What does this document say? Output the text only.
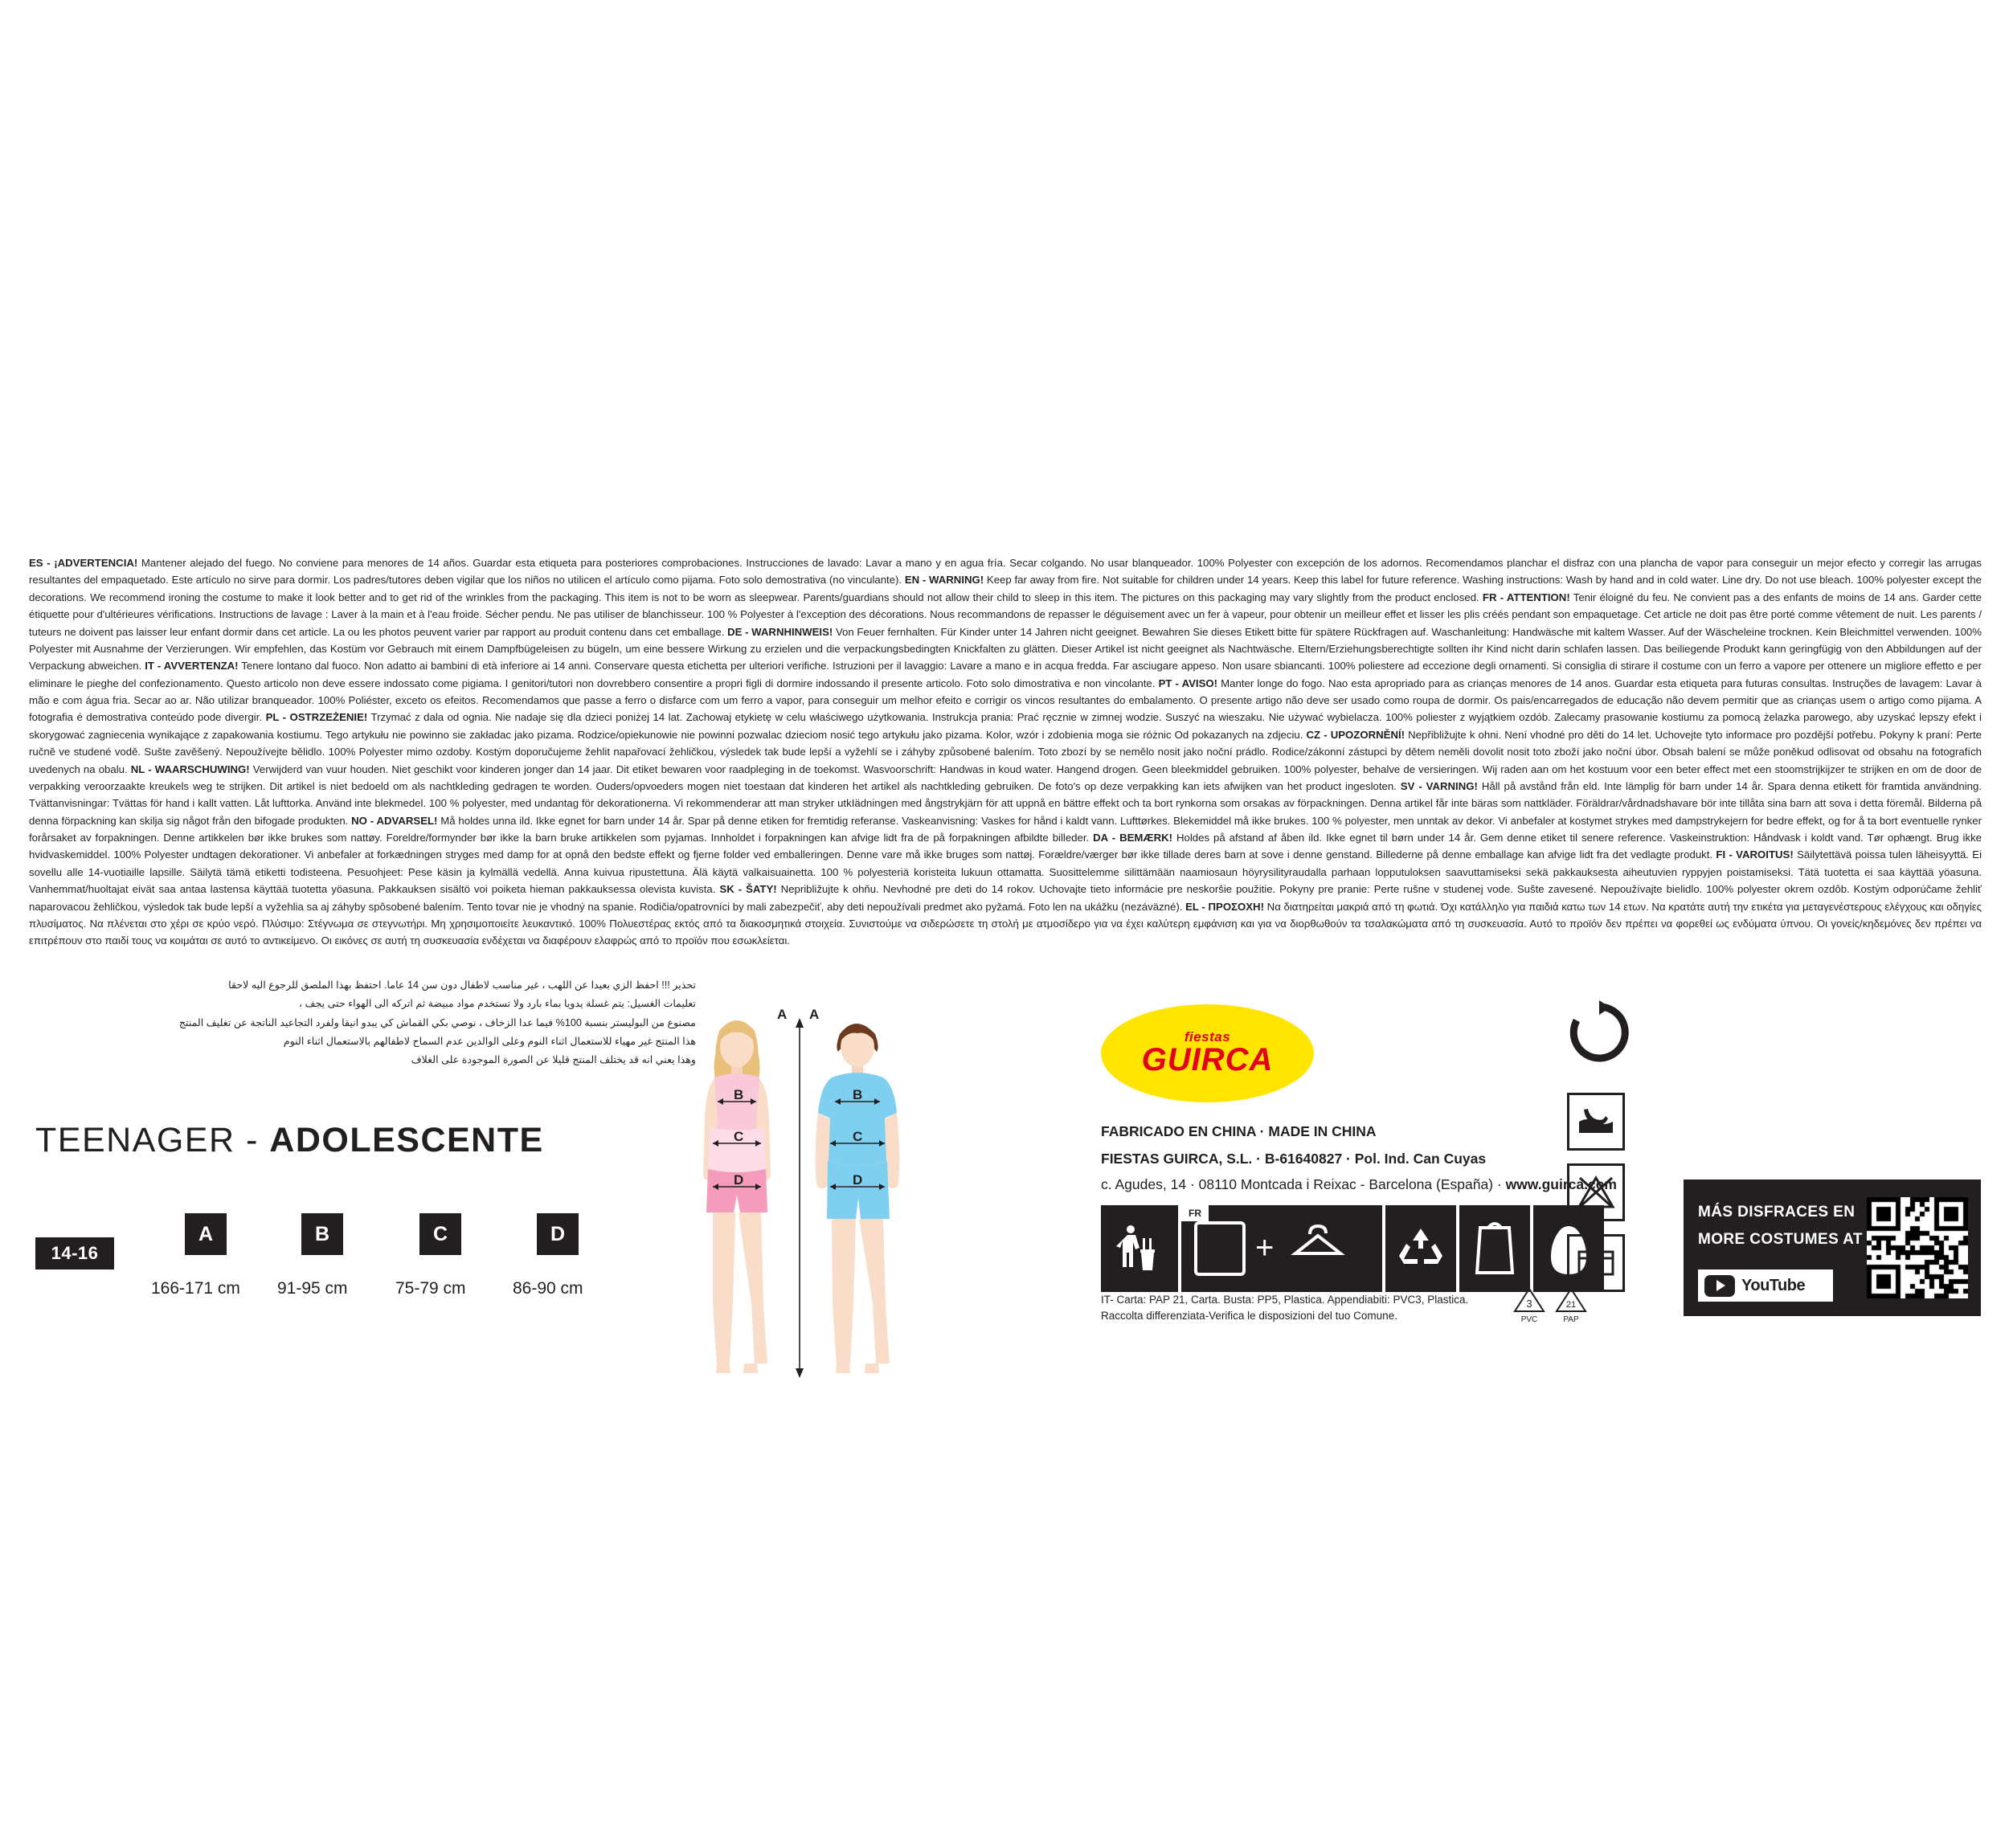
ES - ¡ADVERTENCIA! Mantener alejado del fuego. No conviene para menores de 14 años. Guardar esta etiqueta para posteriores comprobaciones. Instrucciones de lavado: Lavar a mano y en agua fría. Secar colgando. No usar blanqueador. 100% Polyester con excepción de los adornos. Recomendamos planchar el disfraz con una plancha de vapor para conseguir un mejor efecto y corregir las arrugas resultantes del empaquetado. Este artículo no sirve para dormir. Los padres/tutores deben vigilar que los niños no utilicen el artículo como pijama. Foto solo demostrativa (no vinculante). EN - WARNING! Keep far away from fire. Not suitable for children under 14 years. Keep this label for future reference. Washing instructions: Wash by hand and in cold water. Line dry. Do not use bleach. 100% polyester except the decorations. We recommend ironing the costume to make it look better and to get rid of the wrinkles from the packaging. This item is not to be worn as sleepwear. Parents/guardians should not allow their child to sleep in this item. The pictures on this packaging may vary slightly from the product enclosed. FR - ATTENTION! Tenir éloigné du feu. Ne convient pas a des enfants de moins de 14 ans. Garder cette étiquette pour d'ultérieures vérifications. Instructions de lavage : Laver à la main et à l'eau froide. Sécher pendu. Ne pas utiliser de blanchisseur. 100 % Polyester à l'exception des décorations. Nous recommandons de repasser le déguisement avec un fer à vapeur, pour obtenir un meilleur effet et lisser les plis créés pendant son empaquetage. Cet article ne doit pas être porté comme vêtement de nuit. Les parents / tuteurs ne doivent pas laisser leur enfant dormir dans cet article. La ou les photos peuvent varier par rapport au produit contenu dans cet emballage. DE - WARNHINWEIS! Von Feuer fernhalten. Für Kinder unter 14 Jahren nicht geeignet. Bewahren Sie dieses Etikett bitte für spätere Rückfragen auf. Waschanleitung: Handwäsche mit kaltem Wasser. Auf der Wäscheleine trocknen. Kein Bleichmittel verwenden. 100% Polyester mit Ausnahme der Verzierungen. Wir empfehlen, das Kostüm vor Gebrauch mit einem Dampfbügeleisen zu bügeln, um eine bessere Wirkung zu erzielen und die verpackungsbedingten Knickfalten zu glätten. Dieser Artikel ist nicht geeignet als Nachtwäsche. Eltern/Erziehungsberechtigte sollten ihr Kind nicht darin schlafen lassen. Das beiliegende Produkt kann geringfügig von den Abbildungen auf der Verpackung abweichen. IT - AVVERTENZA! Tenere lontano dal fuoco. Non adatto ai bambini di età inferiore ai 14 anni. Conservare questa etichetta per ulteriori verifiche. Istruzioni per il lavaggio: Lavare a mano e in acqua fredda. Far asciugare appeso. Non usare sbiancanti. 100% poliestere ad eccezione degli ornamenti. Si consiglia di stirare il costume con un ferro a vapore per ottenere un migliore effetto e per eliminare le pieghe del confezionamento. Questo articolo non deve essere indossato come pigiama. I genitori/tutori non dovrebbero consentire a propri figli di dormire indossando il presente articolo. Foto solo dimostrativa e non vincolante. PT - AVISO! Manter longe do fogo. Nao esta apropriado para as crianças menores de 14 anos. Guardar esta etiqueta para futuras consultas. Instruções de lavagem: Lavar à mão e com água fria. Secar ao ar. Não utilizar branqueador. 100% Poliéster, exceto os efeitos. Recomendamos que passe a ferro o disfarce com um ferro a vapor, para conseguir um melhor efeito e corrigir os vincos resultantes do embalamento. O presente artigo não deve ser usado como roupa de dormir. Os pais/encarregados de educação não devem permitir que as crianças usem o artigo como pijama. A fotografia é demostrativa conteúdo pode divergir. PL - OSTRZEŻENIE! Trzymać z dala od ognia. Nie nadaje się dla dzieci poniżej 14 lat. Zachowaj etykietę w celu właściwego użytkowania. Instrukcja prania: Prać ręcznie w zimnej wodzie. Suszyć na wieszaku. Nie używać wybielacza. 100% poliester z wyjątkiem ozdób. Zalecamy prasowanie kostiumu za pomocą żelazka parowego, aby uzyskać lepszy efekt i skorygować zagniecenia wynikające z zapakowania kostiumu. Tego artykułu nie powinno sie zakładac jako pizama. Rodzice/opiekunowie nie powinni pozwalac dzieciom nosić tego artykułu jako pizama. Kolor, wzór i zdobienia moga sie różnic Od pokazanych na zdjeciu. CZ - UPOZORNĚNÍ! Nepřibližujte k ohni. Není vhodné pro děti do 14 let. Uchovejte tyto informace pro pozdější potřebu. Pokyny k praní: Perte ručně ve studené vodě. Sušte zavěšený. Nepoužívejte bělidlo. 100% Polyester mimo ozdoby. Kostým doporučujeme žehlit napařovací žehličkou, výsledek tak bude lepší a vyžehlí se i záhyby způsobené balením. Toto zbozí by se nemělo nosit jako noční prádlo. Rodice/zákonní zástupci by dětem neměli dovolit nosit toto zboží jako noční úbor. Obsah balení se může poněkud odlisovat od obsahu na fotografích uvedenych na obalu. NL - WAARSCHUWING! Verwijderd van vuur houden. Niet geschikt voor kinderen jonger dan 14 jaar. Dit etiket bewaren voor raadpleging in de toekomst. Wasvoorschrift: Handwas in koud water. Hangend drogen. Geen bleekmiddel gebruiken. 100% polyester, behalve de versieringen. Wij raden aan om het kostuum voor een beter effect met een stoomstrijkijzer te strijken en om de door de verpakking veroorzaakte kreukels weg te strijken. Dit artikel is niet bedoeld om als nachtkleding gedragen te worden. Ouders/opvoeders mogen niet toestaan dat kinderen het artikel als nachtkleding gebruiken. De foto's op deze verpakking kan iets afwijken van het product ingesloten. SV - VARNING! Håll på avstånd från eld. Inte lämplig för barn under 14 år. Spara denna etikett för framtida användning. Tvättanvisningar: Tvättas för hand i kallt vatten. Låt lufttorka. Använd inte blekmedel. 100 % polyester, med undantag för dekorationerna. Vi rekommenderar att man stryker utkIädningen med ångstrykjärn för att uppnå en bättre effekt och ta bort rynkorna som orsakas av förpackningen. Denna artikel får inte bäras som nattkläder. Föräldrar/vårdnadshavare bör inte tillåta sina barn att sova i detta föremål. Bilderna på denna förpackning kan skilja sig något från den bifogade produkten. NO - ADVARSEL! Må holdes unna ild. Ikke egnet for barn under 14 år. Spar på denne etiken for fremtidig referanse. Vaskeanvisning: Vaskes for hånd i kaldt vann. Lufttørkes. Blekemiddel må ikke brukes. 100 % polyester, men unntak av dekor. Vi anbefaler at kostymet strykes med dampstrykejern for bedre effekt, og for å ta bort eventuelle rynker forårsaket av forpakningen. Denne artikkelen bør ikke brukes som nattøy. Foreldre/formynder bør ikke la barn bruke artikkelen som pyjamas. Innholdet i forpakningen kan afvige lidt fra de på forpakningen afbildte billeder. DA - BEMÆRK! Holdes på afstand af åben ild. Ikke egnet til børn under 14 år. Gem denne etiket til senere reference. Vaskeinstruktion: Håndvask i koldt vand. Tør ophængt. Brug ikke hvidvaskemiddel. 100% Polyester undtagen dekorationer. Vi anbefaler at forkædningen stryges med damp for at opnå den bedste effekt og fjerne folder ved emballeringen. Denne vare må ikke bruges som nattøj. Forældre/værger bør ikke tillade deres barn at sove i denne genstand. Billederne på denne emballage kan afvige lidt fra det vedlagte produkt. FI - VAROITUS! Säilytettävä poissa tulen läheisyyttä. Ei sovellu alle 14-vuotiaille lapsille. Säilytä tämä etiketti todisteena. Pesuohjeet: Pese käsin ja kylmällä vedellä. Anna kuivua ripustettuna. Älä käytä valkaisuainetta. 100 % polyesteriä koristeita lukuun ottamatta. Suosittelemme silittämään naamiosaun höyrysilityraudalla parhaan lopputuloksen saavuttamiseksi sekä pakkauksesta aiheutuvien ryppyjen poistamiseksi. Tätä tuotetta ei saa käyttää yöasuna. Vanhemmat/huoltajat eivät saa antaa lastensa käyttää tuotetta yöasuna. Pakkauksen sisältö voi poiketa hieman pakkauksessa olevista kuvista. SK - ŠATY! Nepribližujte k ohňu. Nevhodné pre deti do 14 rokov. Uchovajte tieto informácie pre neskoršie použitie. Pokyny pre pranie: Perte rušne v studenej vode. Sušte zavesené. Nepoužívajte bielidlo. 100% polyester okrem ozdôb. Kostým odporúčame žehliť naparovacou žehličkou, výsledok tak bude lepší a vyžehlia sa aj záhyby spôsobené balením. Tento tovar nie je vhodný na spanie. Rodičia/opatrovníci by mali zabezpečiť, aby deti nepoužívali predmet ako pyžamá. Foto len na ukážku (nezáväzné). EL - ΠΡΟΣΟΧΗ! Να διατηρείται μακριά από τη φωτιά. Όχι κατάλληλο για παιδιά κατω των 14 ετων. Να κρατάτε αυτή την ετικέτα για μεταγενέστερους ελέγχους και οδηγίες πλυσίματος. Να πλένεται στο χέρι σε κρύο νερό. Πλύσιμο: Στέγνωμα σε στεγνωτήρι. Μη χρησιμοποιείτε λευκαντικό. 100% Πολυεστέρας εκτός από τα διακοσμητικά στοιχεία. Συνιστούμε να σιδερώσετε τη στολή με ατμοσίδερο για να έχει καλύτερη εμφάνιση και για να διορθωθούν τα τσαλακώματα από τη συσκευασία. Αυτό το προϊόν δεν πρέπει να φορεθεί ως ενδύματα ύπνου. Οι γονείς/κηδεμόνες δεν πρέπει να επιτρέπουν στο παιδί τους να κοιμάται σε αυτό το αντικείμενο. Οι εικόνες σε αυτή τη συσκευασία ενδέχεται να διαφέρουν ελαφρώς από το προϊόν που εσωκλείεται.
تحذير !!! احفظ الزي بعيدا عن اللهب ، غير مناسب لاطفال دون سن 14 عاما. احتفظ بهذا الملصق للرجوع اليه لاحقا
تعليمات الغسيل: يتم غسلة يدويا بماء بارد ولا تستخدم مواد مبيضة ثم اتركه الى الهواء حتى يجف ،
مصنوع من البوليستر بنسبة 100% فيما عدا الزخاف ، نوصي بكي القماش كي يبدو انيقا ولفرد التجاعيد الناتجة عن تغليف المنتج
هذا المنتج غير مهياء للاستعمال اثناء النوم وعلى الوالدين عدم السماح لاطفالهم بالاستعمال اثناء النوم
وهذا يعني انه قد يختلف المنتج قليلا عن الصورة الموجودة على الغلاف
TEENAGER - ADOLESCENTE
14-16
A
166-171 cm
B
91-95 cm
C
75-79 cm
D
86-90 cm
A A
B
C
D
B
C
D
fiestas
GUIRCA
FABRICADO EN CHINA · MADE IN CHINA
FIESTAS GUIRCA, S.L. · B-61640827 · Pol. Ind. Can Cuyas
c. Agudes, 14 · 08110 Montcada i Reixac - Barcelona (España) · www.guirca.com
+
FR
IT- Carta: PAP 21, Carta. Busta: PP5, Plastica. Appendiabiti: PVC3, Plastica.
Raccolta differenziata-Verifica le disposizioni del tuo Comune.
3
PVC
21
PAP
MÁS DISFRACES EN
MORE COSTUMES AT
YouTube
